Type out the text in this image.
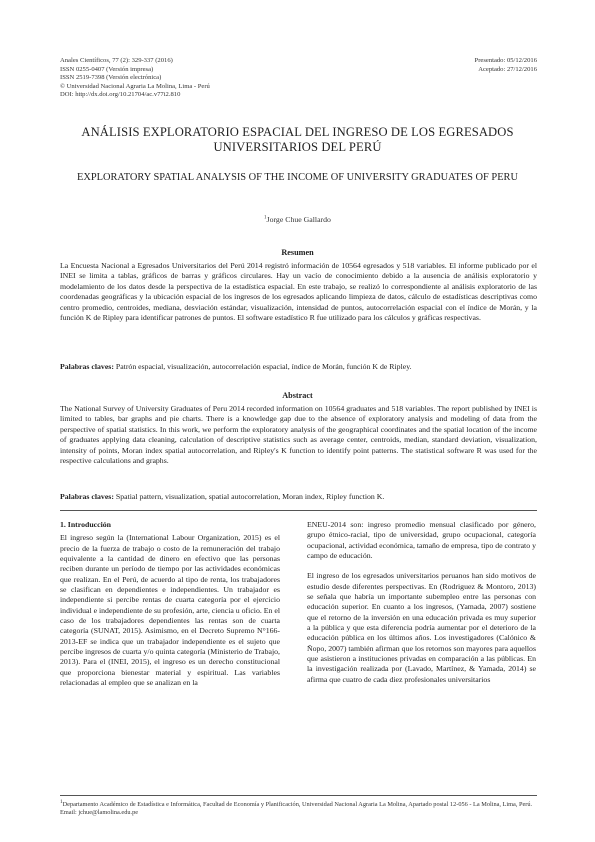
Anales Científicos, 77 (2): 329-337 (2016)
ISSN 0255-0407 (Versión impresa)
ISSN 2519-7398 (Versión electrónica)
© Universidad Nacional Agraria La Molina, Lima - Perú
DOI: http://dx.doi.org/10.21704/ac.v77i2.810
Presentado: 05/12/2016
Aceptado: 27/12/2016
ANÁLISIS EXPLORATORIO ESPACIAL DEL INGRESO DE LOS EGRESADOS UNIVERSITARIOS DEL PERÚ
EXPLORATORY SPATIAL ANALYSIS OF THE INCOME OF UNIVERSITY GRADUATES OF PERU
$^1$Jorge Chue Gallardo
Resumen
La Encuesta Nacional a Egresados Universitarios del Perú 2014 registró información de 10564 egresados y 518 variables. El informe publicado por el INEI se limita a tablas, gráficos de barras y gráficos circulares. Hay un vacío de conocimiento debido a la ausencia de análisis exploratorio y modelamiento de los datos desde la perspectiva de la estadística espacial. En este trabajo, se realizó lo correspondiente al análisis exploratorio de las coordenadas geográficas y la ubicación espacial de los ingresos de los egresados aplicando limpieza de datos, cálculo de estadísticas descriptivas como centro promedio, centroides, mediana, desviación estándar, visualización, intensidad de puntos, autocorrelación espacial con el índice de Morán, y la función K de Ripley para identificar patrones de puntos. El software estadístico R fue utilizado para los cálculos y gráficas respectivas.
Palabras claves: Patrón espacial, visualización, autocorrelación espacial, índice de Morán, función K de Ripley.
Abstract
The National Survey of University Graduates of Peru 2014 recorded information on 10564 graduates and 518 variables. The report published by INEI is limited to tables, bar graphs and pie charts. There is a knowledge gap due to the absence of exploratory analysis and modeling of data from the perspective of spatial statistics. In this work, we perform the exploratory analysis of the geographical coordinates and the spatial location of the income of graduates applying data cleaning, calculation of descriptive statistics such as average center, centroids, median, standard deviation, visualization, intensity of points, Moran index spatial autocorrelation, and Ripley's K function to identify point patterns. The statistical software R was used for the respective calculations and graphs.
Palabras claves: Spatial pattern, visualization, spatial autocorrelation, Moran index, Ripley function K.
1. Introducción

El ingreso según la (International Labour Organization, 2015) es el precio de la fuerza de trabajo o costo de la remuneración del trabajo equivalente a la cantidad de dinero en efectivo que las personas reciben durante un período de tiempo por las actividades económicas que realizan. En el Perú, de acuerdo al tipo de renta, los trabajadores se clasifican en dependientes e independientes. Un trabajador es independiente si percibe rentas de cuarta categoría por el ejercicio individual e independiente de su profesión, arte, ciencia u oficio. En el caso de los trabajadores dependientes las rentas son de cuarta categoría (SUNAT, 2015). Asimismo, en el Decreto Supremo N°166-2013-EF se indica que un trabajador independiente es el sujeto que percibe ingresos de cuarta y/o quinta categoría (Ministerio de Trabajo, 2013). Para el (INEI, 2015), el ingreso es un derecho constitucional que proporciona bienestar material y espiritual. Las variables relacionadas al empleo que se analizan en la

ENEU-2014 son: ingreso promedio mensual clasificado por género, grupo étnico-racial, tipo de universidad, grupo ocupacional, categoría ocupacional, actividad económica, tamaño de empresa, tipo de contrato y campo de educación.

El ingreso de los egresados universitarios peruanos han sido motivos de estudio desde diferentes perspectivas. En (Rodriguez & Montoro, 2013) se señala que habría un importante subempleo entre las personas con educación superior. En cuanto a los ingresos, (Yamada, 2007) sostiene que el retorno de la inversión en una educación privada es muy superior a la pública y que esta diferencia podría aumentar por el deterioro de la educación pública en los últimos años. Los investigadores (Calónico & Ñopo, 2007) también afirman que los retornos son mayores para aquellos que asistieron a instituciones privadas en comparación a las públicas. En la investigación realizada por (Lavado, Martínez, & Yamada, 2014) se afirma que cuatro de cada diez profesionales universitarios

$^1$Departamento Académico de Estadística e Informática, Facultad de Economía y Planificación, Universidad Nacional Agraria La Molina, Apartado postal 12-056 - La Molina, Lima, Perú. Email: jchue@lamolina.edu.pe
